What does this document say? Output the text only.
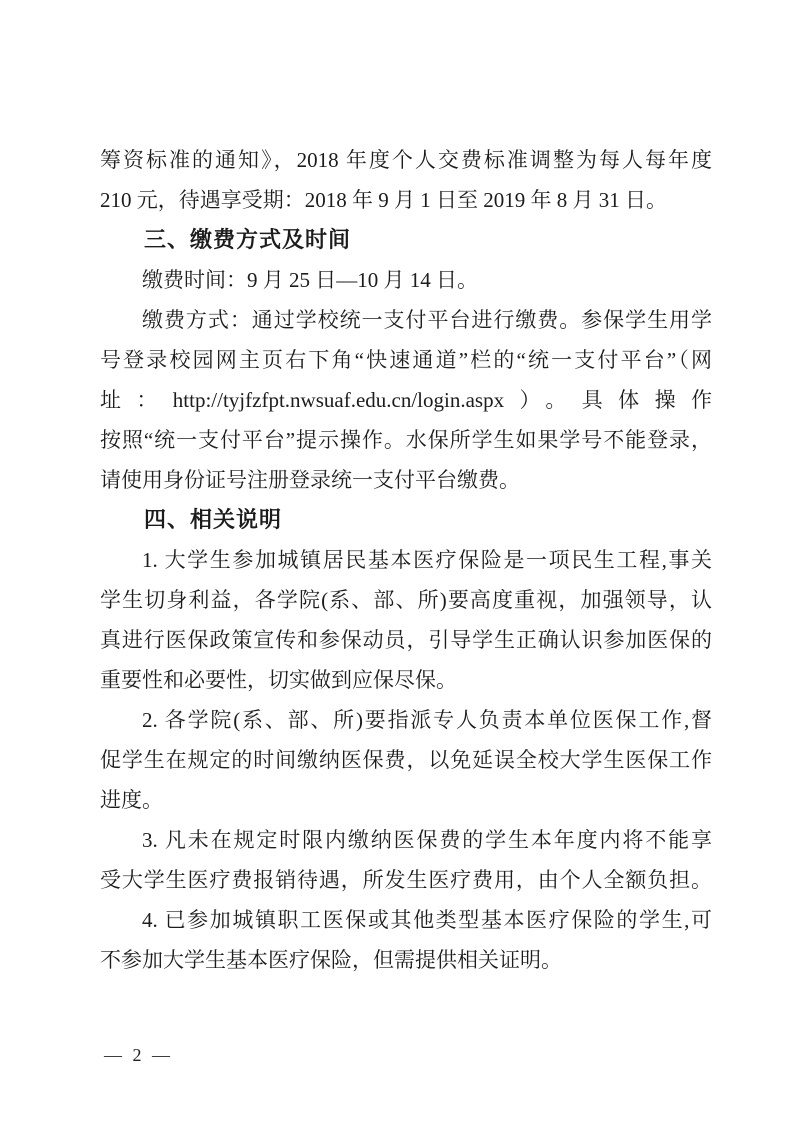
筹资标准的通知》，2018 年度个人交费标准调整为每人每年度
210 元，待遇享受期：2018 年 9 月 1 日至 2019 年 8 月 31 日。
三、缴费方式及时间
缴费时间：9 月 25 日—10 月 14 日。
缴费方式：通过学校统一支付平台进行缴费。参保学生用学
号登录校园网主页右下角“快速通道”栏的“统一支付平台”（网
址：http://tyjfzfpt.nwsuaf.edu.cn/login.aspx）。具体操作
按照“统一支付平台”提示操作。水保所学生如果学号不能登录，
请使用身份证号注册登录统一支付平台缴费。
四、相关说明
1. 大学生参加城镇居民基本医疗保险是一项民生工程,事关
学生切身利益，各学院(系、部、所)要高度重视，加强领导，认
真进行医保政策宣传和参保动员，引导学生正确认识参加医保的
重要性和必要性，切实做到应保尽保。
2. 各学院(系、部、所)要指派专人负责本单位医保工作,督
促学生在规定的时间缴纳医保费，以免延误全校大学生医保工作
进度。
3. 凡未在规定时限内缴纳医保费的学生本年度内将不能享
受大学生医疗费报销待遇，所发生医疗费用，由个人全额负担。
4. 已参加城镇职工医保或其他类型基本医疗保险的学生,可
不参加大学生基本医疗保险，但需提供相关证明。
— 2 —
